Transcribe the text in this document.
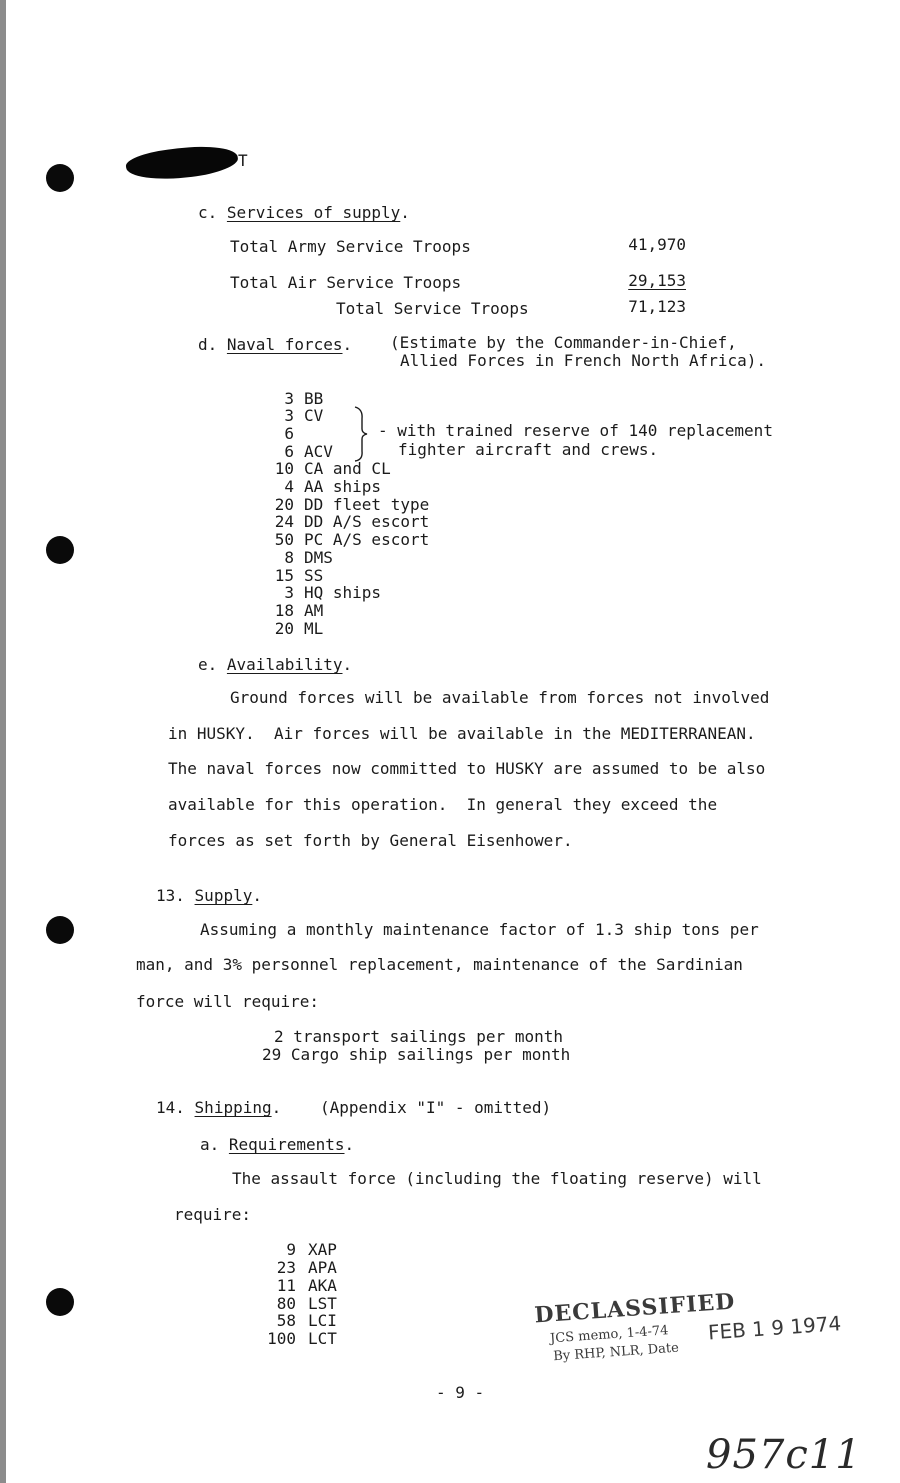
T
c. Services of supply.
Total Army Service Troops	41,970
Total Air Service Troops	29,153
Total Service Troops	71,123
d. Naval forces. (Estimate by the Commander-in-Chief,
Allied Forces in French North Africa).
3 BB
3 CV
6
6 ACV
10 CA and CL
4 AA ships
20 DD fleet type
24 DD A/S escort
50 PC A/S escort
8 DMS
15 SS
3 HQ ships
18 AM
20 ML
- with trained reserve of 140 replacement
fighter aircraft and crews.
e. Availability.
Ground forces will be available from forces not involved
in HUSKY.  Air forces will be available in the MEDITERRANEAN.
The naval forces now committed to HUSKY are assumed to be also
available for this operation.  In general they exceed the
forces as set forth by General Eisenhower.
13. Supply.
Assuming a monthly maintenance factor of 1.3 ship tons per
man, and 3% personnel replacement, maintenance of the Sardinian
force will require:
2 transport sailings per month
29 Cargo ship sailings per month
14. Shipping. (Appendix "I" - omitted)
a. Requirements.
The assault force (including the floating reserve) will
require:
9 XAP
23 APA
11 AKA
80 LST
58 LCI
100 LCT
DECLASSIFIED
JCS memo, 1-4-74
By RHP, NLR, Date
FEB 1 9 1974
- 9 -
957c11
